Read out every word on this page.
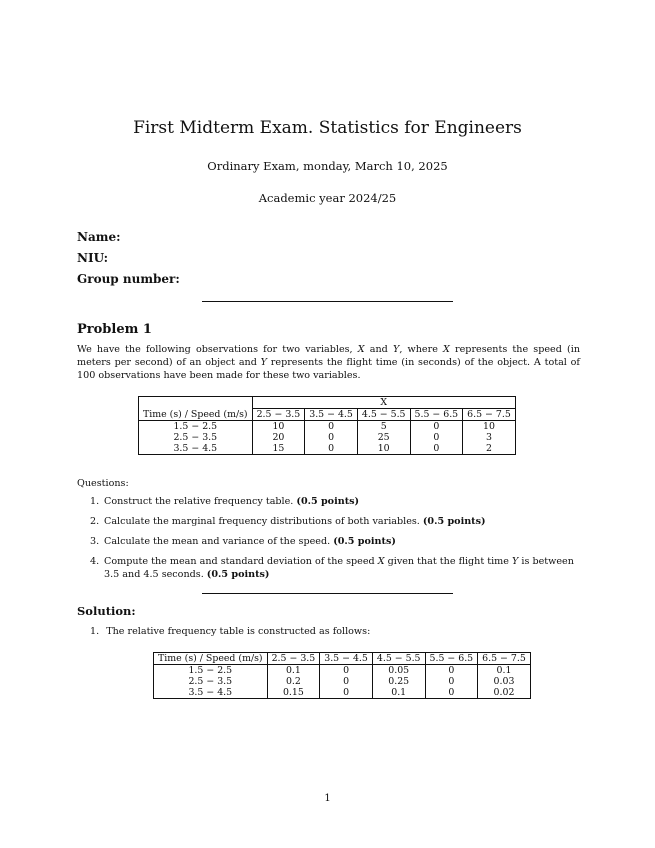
First Midterm Exam. Statistics for Engineers
Ordinary Exam, monday, March 10, 2025
Academic year 2024/25
Name:
NIU:
Group number:
Problem 1
We have the following observations for two variables, X and Y, where X represents the speed (in meters per second) of an object and Y represents the flight time (in seconds) of the object. A total of 100 observations have been made for these two variables.
	X				
Time (s) / Speed (m/s)	2.5 − 3.5	3.5 − 4.5	4.5 − 5.5	5.5 − 6.5	6.5 − 7.5
1.5 − 2.5	10	0	5	0	10
2.5 − 3.5	20	0	25	0	3
3.5 − 4.5	15	0	10	0	2
Questions:
1. Construct the relative frequency table. (0.5 points)
2. Calculate the marginal frequency distributions of both variables. (0.5 points)
3. Calculate the mean and variance of the speed. (0.5 points)
4. Compute the mean and standard deviation of the speed X given that the flight time Y is between 3.5 and 4.5 seconds. (0.5 points)
Solution:
1. The relative frequency table is constructed as follows:
Time (s) / Speed (m/s)	2.5 − 3.5	3.5 − 4.5	4.5 − 5.5	5.5 − 6.5	6.5 − 7.5
1.5 − 2.5	0.1	0	0.05	0	0.1
2.5 − 3.5	0.2	0	0.25	0	0.03
3.5 − 4.5	0.15	0	0.1	0	0.02
1
